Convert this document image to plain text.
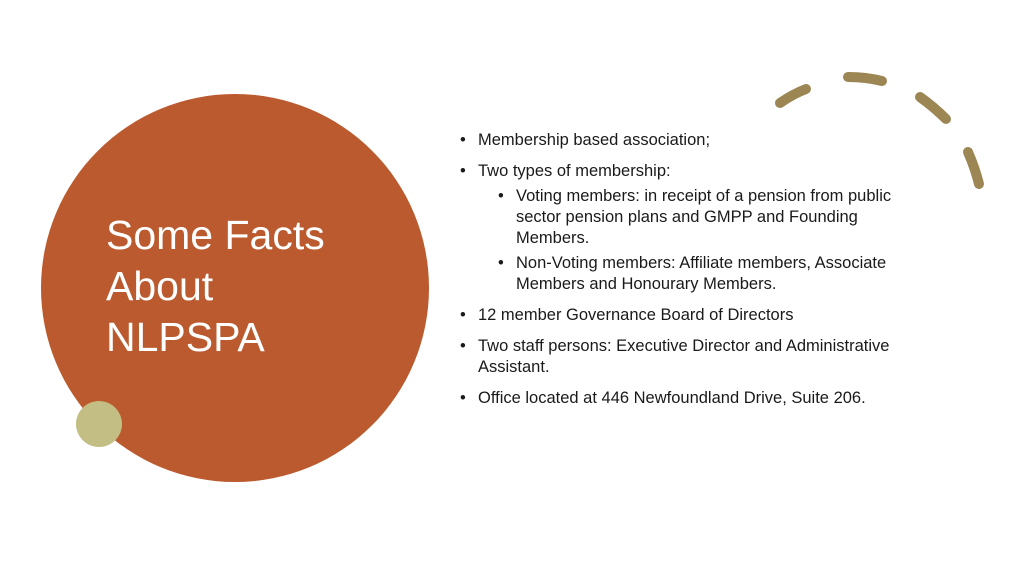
Some Facts
About
NLPSPA
• Membership based association;
• Two types of membership:
• Voting members: in receipt of a pension from public sector pension plans and GMPP and Founding Members.
• Non-Voting members: Affiliate members, Associate Members and Honourary Members.
• 12 member Governance Board of Directors
• Two staff persons: Executive Director and Administrative Assistant.
• Office located at 446 Newfoundland Drive, Suite 206.
